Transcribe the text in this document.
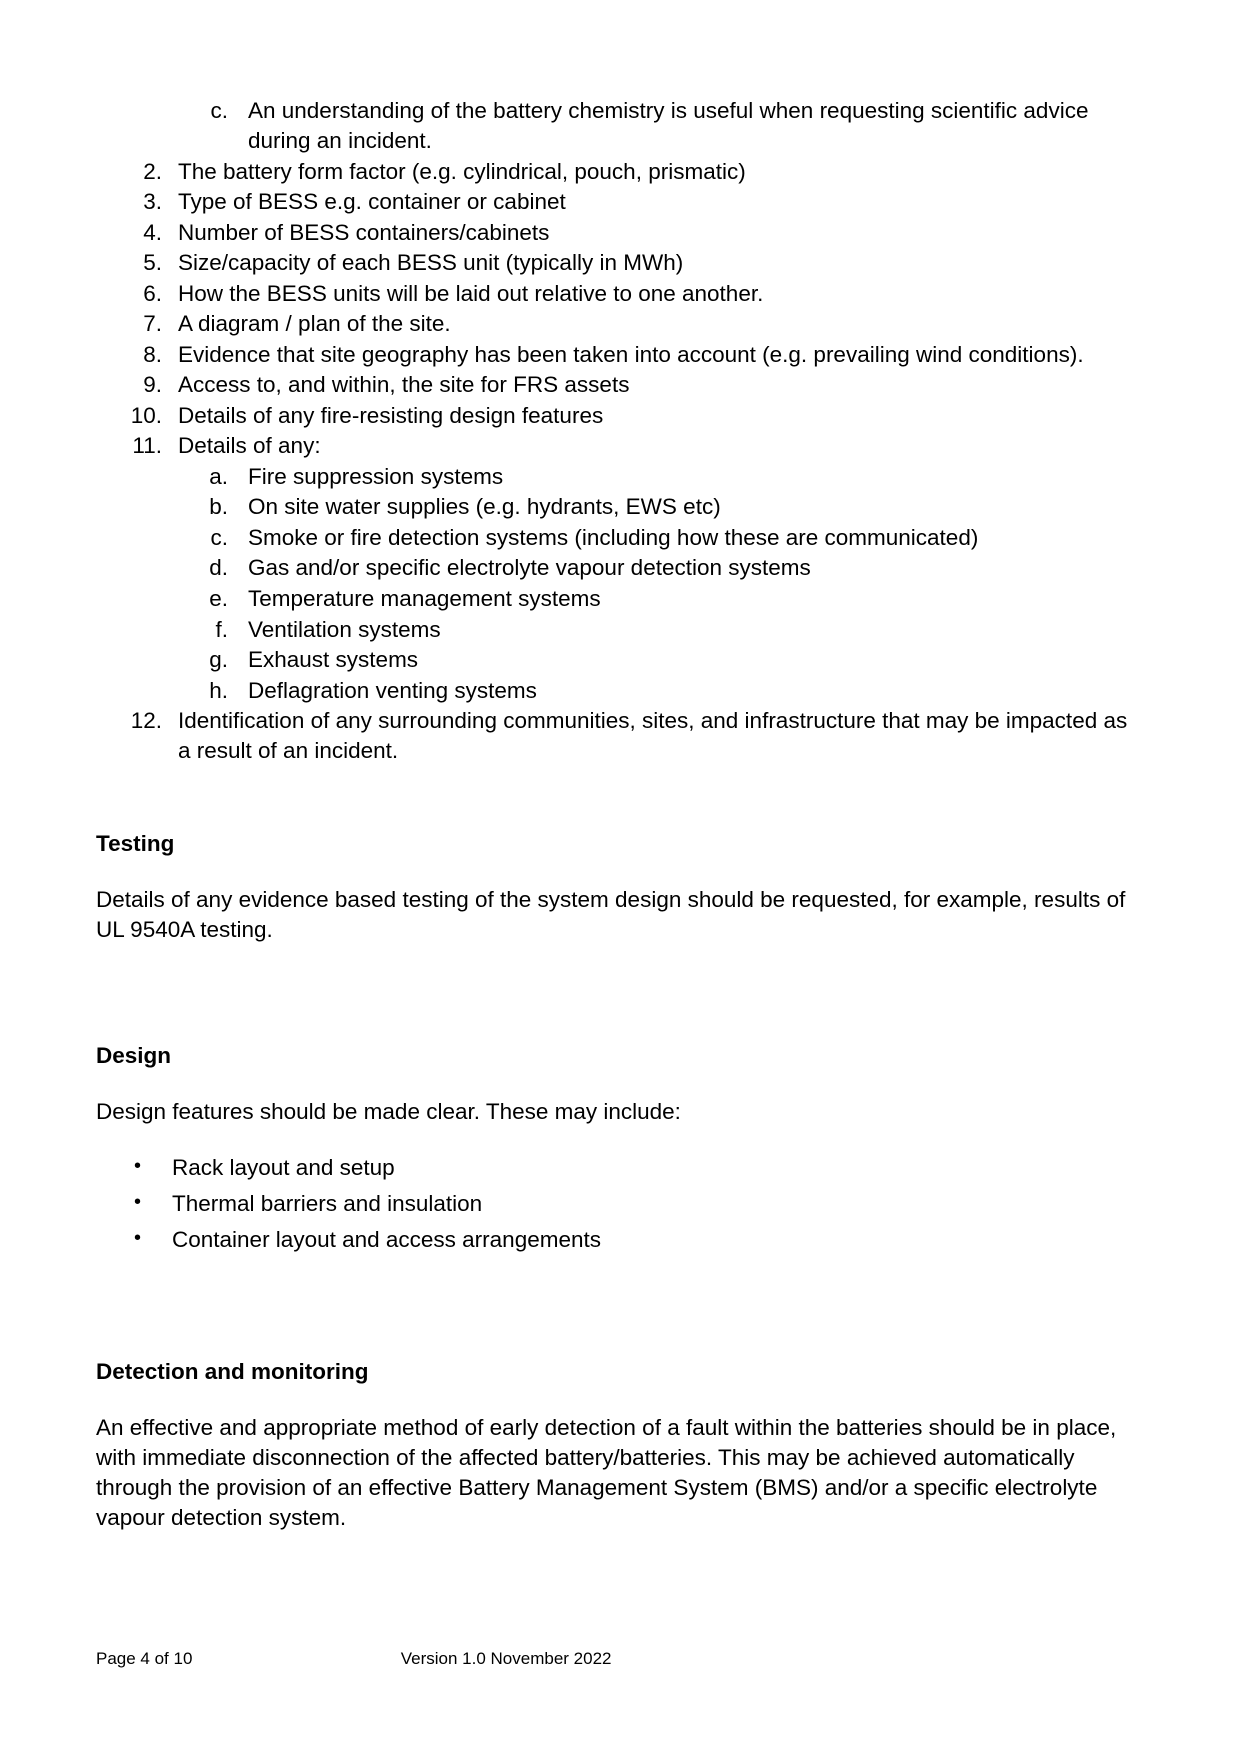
c. An understanding of the battery chemistry is useful when requesting scientific advice during an incident.
2. The battery form factor (e.g. cylindrical, pouch, prismatic)
3. Type of BESS e.g. container or cabinet
4. Number of BESS containers/cabinets
5. Size/capacity of each BESS unit (typically in MWh)
6. How the BESS units will be laid out relative to one another.
7. A diagram / plan of the site.
8. Evidence that site geography has been taken into account (e.g. prevailing wind conditions).
9. Access to, and within, the site for FRS assets
10. Details of any fire-resisting design features
11. Details of any:
a. Fire suppression systems
b. On site water supplies (e.g. hydrants, EWS etc)
c. Smoke or fire detection systems (including how these are communicated)
d. Gas and/or specific electrolyte vapour detection systems
e. Temperature management systems
f. Ventilation systems
g. Exhaust systems
h. Deflagration venting systems
12. Identification of any surrounding communities, sites, and infrastructure that may be impacted as a result of an incident.
Testing

Details of any evidence based testing of the system design should be requested, for example, results of UL 9540A testing.

Design

Design features should be made clear. These may include:

• Rack layout and setup
• Thermal barriers and insulation
• Container layout and access arrangements
Detection and monitoring

An effective and appropriate method of early detection of a fault within the batteries should be in place, with immediate disconnection of the affected battery/batteries. This may be achieved automatically through the provision of an effective Battery Management System (BMS) and/or a specific electrolyte vapour detection system.

Page 4 of 10	Version 1.0 November 2022
